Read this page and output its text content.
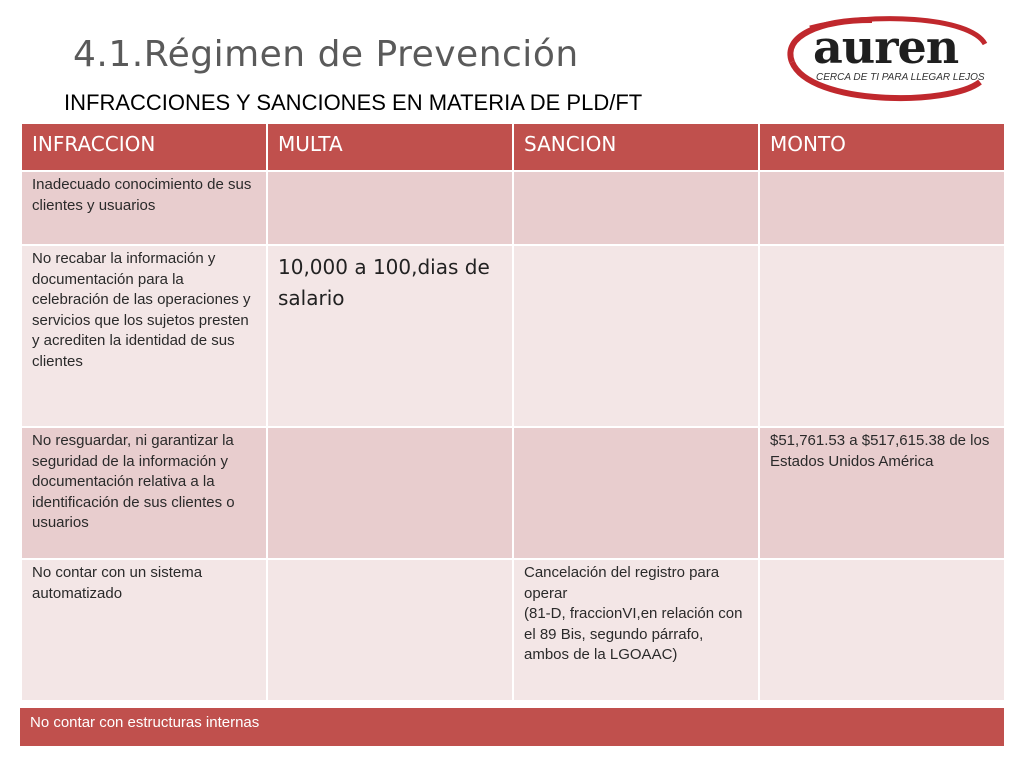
4.1.Régimen de Prevención
INFRACCIONES Y SANCIONES EN MATERIA DE PLD/FT
auren
CERCA DE TI PARA LLEGAR LEJOS
INFRACCION	MULTA	SANCION	MONTO

Inadecuado conocimiento de sus clientes y usuarios			

No recabar la información y documentación para la celebración de las operaciones y servicios que los sujetos presten y acrediten la identidad de sus clientes	10,000 a 100,dias de salario		

No resguardar, ni garantizar la seguridad de la información y documentación relativa a la identificación de sus clientes o usuarios			$51,761.53 a $517,615.38 de los Estados Unidos América

No contar con un sistema automatizado		Cancelación del registro para operar
(81-D, fraccionVI,en relación con el 89 Bis, segundo párrafo, ambos de la LGOAAC)	

No contar con estructuras internas
